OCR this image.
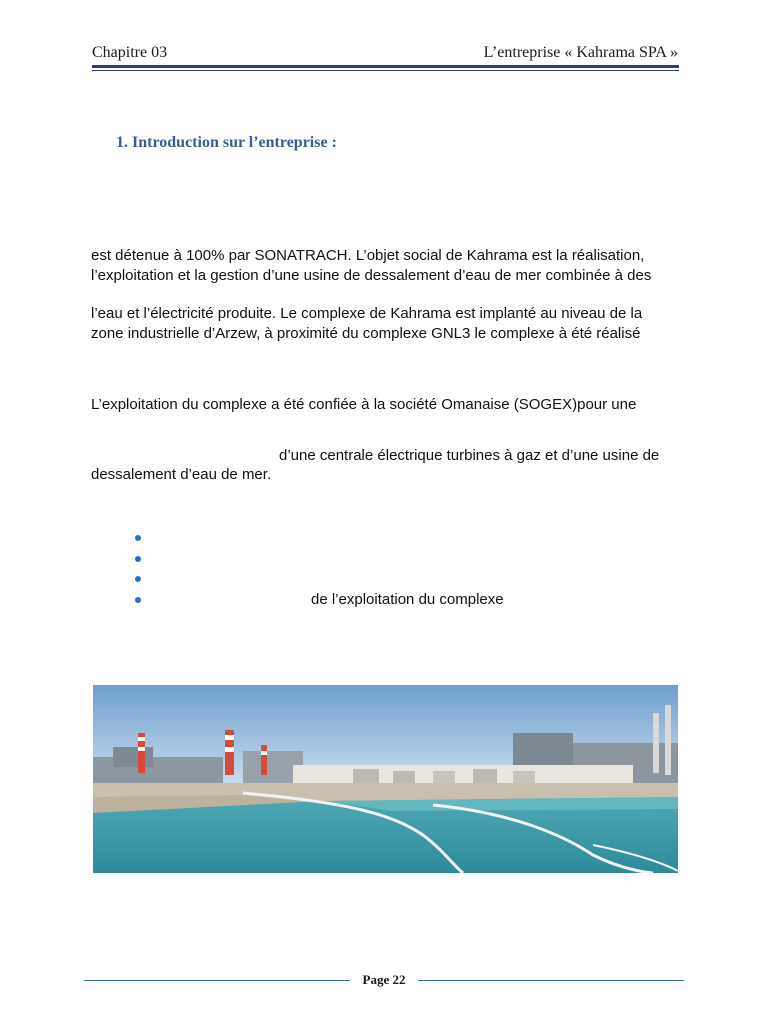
Chapitre 03	L’entreprise « Kahrama SPA »
1. Introduction sur l’entreprise :
est détenue à 100% par SONATRACH. L’objet social de Kahrama est la réalisation,
l’exploitation et la gestion d’une usine de dessalement d’eau de mer combinée à des
l’eau et l’électricité produite. Le complexe de Kahrama est implanté au niveau de la
zone industrielle d’Arzew, à proximité du complexe GNL3 le complexe à été réalisé
L’exploitation du complexe a été confiée à la société Omanaise (SOGEX)pour une
d’une centrale électrique turbines à gaz et d’une usine de
dessalement d’eau de mer.
de l’exploitation du complexe
Page 22
